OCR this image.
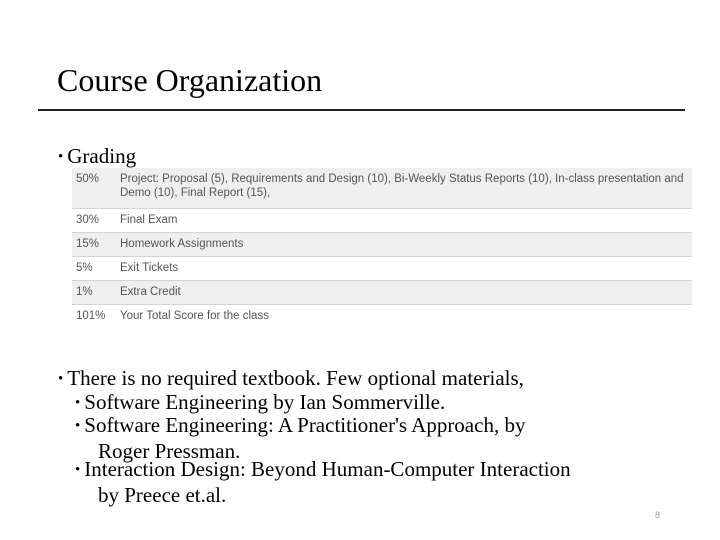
Course Organization
• Grading
50%	Project: Proposal (5), Requirements and Design (10), Bi-Weekly Status Reports (10), In-class presentation and Demo (10), Final Report (15),
30%	Final Exam
15%	Homework Assignments
5%	Exit Tickets
1%	Extra Credit
101%	Your Total Score for the class
• There is no required textbook. Few optional materials,
• Software Engineering by Ian Sommerville.
• Software Engineering: A Practitioner's Approach, by
Roger Pressman.
• Interaction Design: Beyond Human-Computer Interaction
by Preece et.al.
8
